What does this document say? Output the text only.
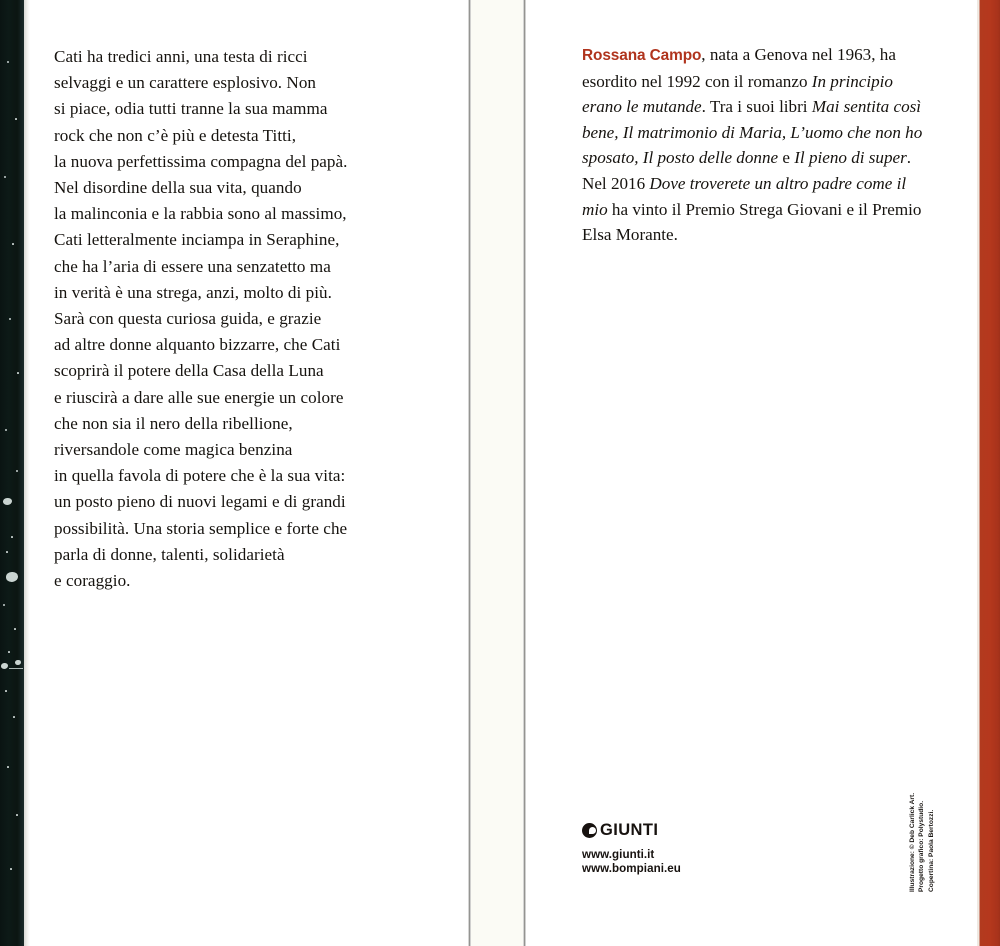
Cati ha tredici anni, una testa di ricci

selvaggi e un carattere esplosivo. Non

si piace, odia tutti tranne la sua mamma

rock che non c’è più e detesta Titti,

la nuova perfettissima compagna del papà.

Nel disordine della sua vita, quando

la malinconia e la rabbia sono al massimo,

Cati letteralmente inciampa in Seraphine,

che ha l’aria di essere una senzatetto ma

in verità è una strega, anzi, molto di più.

Sarà con questa curiosa guida, e grazie

ad altre donne alquanto bizzarre, che Cati

scoprirà il potere della Casa della Luna

e riuscirà a dare alle sue energie un colore

che non sia il nero della ribellione,

riversandole come magica benzina

in quella favola di potere che è la sua vita:

un posto pieno di nuovi legami e di grandi

possibilità. Una storia semplice e forte che

parla di donne, talenti, solidarietà

e coraggio.

Rossana Campo, nata a Genova nel 1963, ha esordito nel 1992 con il romanzo In principio erano le mutande. Tra i suoi libri Mai sentita così bene, Il matrimonio di Maria, L’uomo che non ho sposato, Il posto delle donne e Il pieno di super. Nel 2016 Dove troverete un altro padre come il mio ha vinto il Premio Strega Giovani e il Premio Elsa Morante.

GIUNTI
www.giunti.it
www.bompiani.eu	Illustrazione: © Deb Carlick Art. Progetto grafico: Polystudio. Copertina: Paola Bertozzi.
